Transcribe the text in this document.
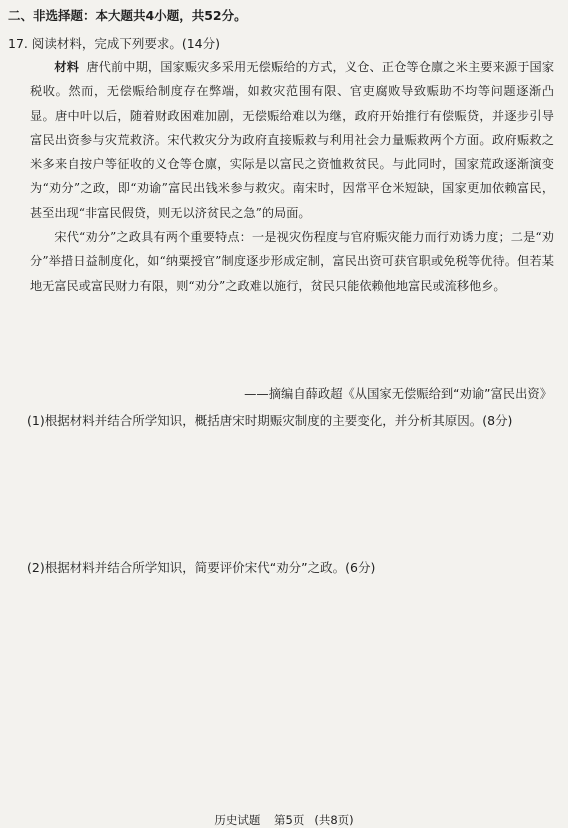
二、非选择题：本大题共4小题，共52分。
17. 阅读材料，完成下列要求。(14分)

材料 唐代前中期，国家赈灾多采用无偿赈给的方式，义仓、正仓等仓廪之米主要来源于国家税收。然而，无偿赈给制度存在弊端，如救灾范围有限、官吏腐败导致赈助不均等问题逐渐凸显。唐中叶以后，随着财政困难加剧，无偿赈给难以为继，政府开始推行有偿赈贷，并逐步引导富民出资参与灾荒救济。宋代救灾分为政府直接赈救与利用社会力量赈救两个方面。政府赈救之米多来自按户等征收的义仓等仓廪，实际是以富民之资恤救贫民。与此同时，国家荒政逐渐演变为“劝分”之政，即“劝谕”富民出钱米参与救灾。南宋时，因常平仓米短缺，国家更加依赖富民，甚至出现“非富民假贷，则无以济贫民之急”的局面。

宋代“劝分”之政具有两个重要特点：一是视灾伤程度与官府赈灾能力而行劝诱力度；二是“劝分”举措日益制度化，如“纳粟授官”制度逐步形成定制，富民出资可获官职或免税等优待。但若某地无富民或富民财力有限，则“劝分”之政难以施行，贫民只能依赖他地富民或流移他乡。

——摘编自薛政超《从国家无偿赈给到“劝谕”富民出资》
(1)根据材料并结合所学知识，概括唐宋时期赈灾制度的主要变化，并分析其原因。(8分)
(2)根据材料并结合所学知识，简要评价宋代“劝分”之政。(6分)
历史试题 第5页 (共8页)
